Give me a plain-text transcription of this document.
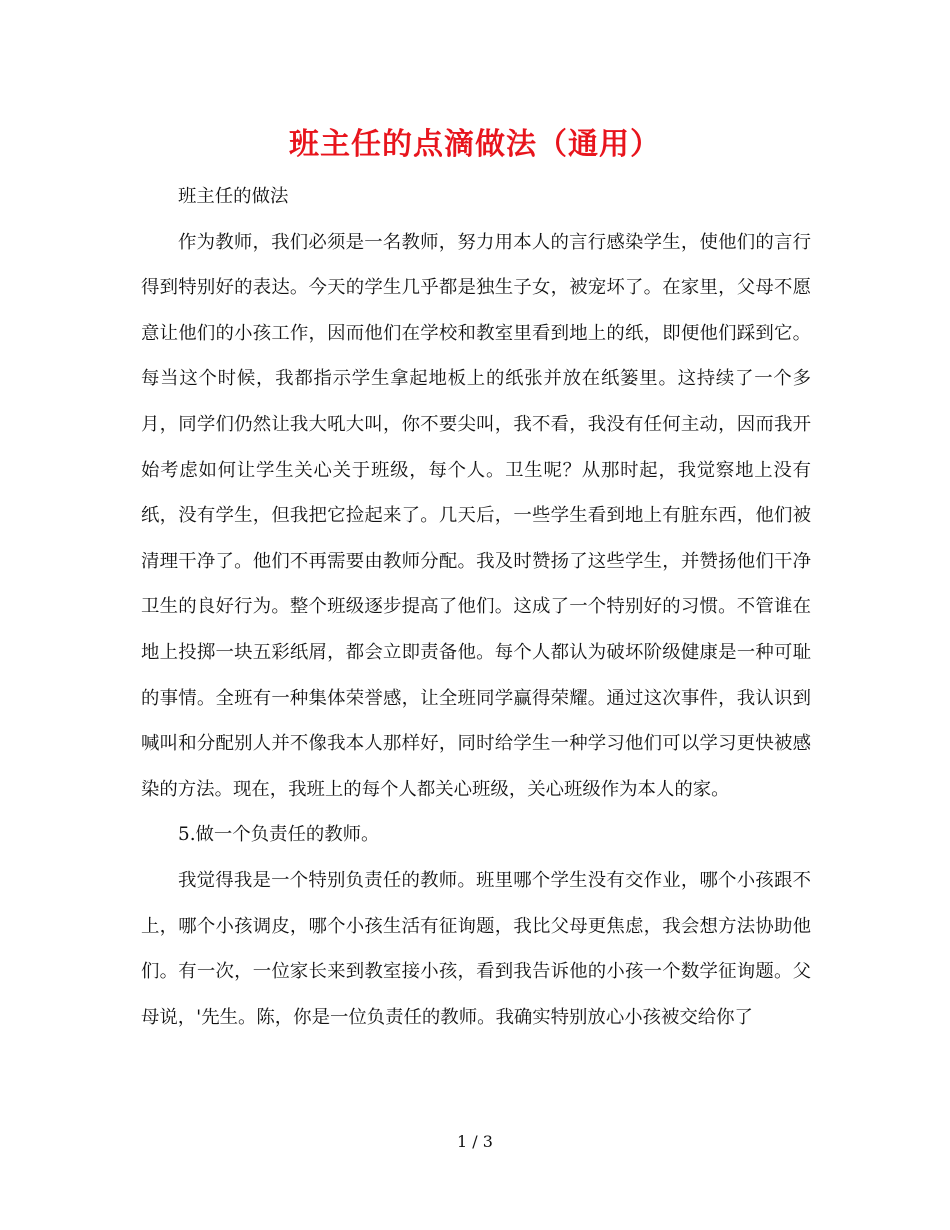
班主任的点滴做法（通用）

班主任的做法

作为教师，我们必须是一名教师，努力用本人的言行感染学生，使他们的言行得到特别好的表达。今天的学生几乎都是独生子女，被宠坏了。在家里，父母不愿意让他们的小孩工作，因而他们在学校和教室里看到地上的纸，即便他们踩到它。每当这个时候，我都指示学生拿起地板上的纸张并放在纸篓里。这持续了一个多月，同学们仍然让我大吼大叫，你不要尖叫，我不看，我没有任何主动，因而我开始考虑如何让学生关心关于班级，每个人。卫生呢？从那时起，我觉察地上没有纸，没有学生，但我把它捡起来了。几天后，一些学生看到地上有脏东西，他们被清理干净了。他们不再需要由教师分配。我及时赞扬了这些学生，并赞扬他们干净卫生的良好行为。整个班级逐步提高了他们。这成了一个特别好的习惯。不管谁在地上投掷一块五彩纸屑，都会立即责备他。每个人都认为破坏阶级健康是一种可耻的事情。全班有一种集体荣誉感，让全班同学赢得荣耀。通过这次事件，我认识到喊叫和分配别人并不像我本人那样好，同时给学生一种学习他们可以学习更快被感染的方法。现在，我班上的每个人都关心班级，关心班级作为本人的家。

5.做一个负责任的教师。

我觉得我是一个特别负责任的教师。班里哪个学生没有交作业，哪个小孩跟不上，哪个小孩调皮，哪个小孩生活有征询题，我比父母更焦虑，我会想方法协助他们。有一次，一位家长来到教室接小孩，看到我告诉他的小孩一个数学征询题。父母说，'先生。陈，你是一位负责任的教师。我确实特别放心小孩被交给你了

1 / 3
